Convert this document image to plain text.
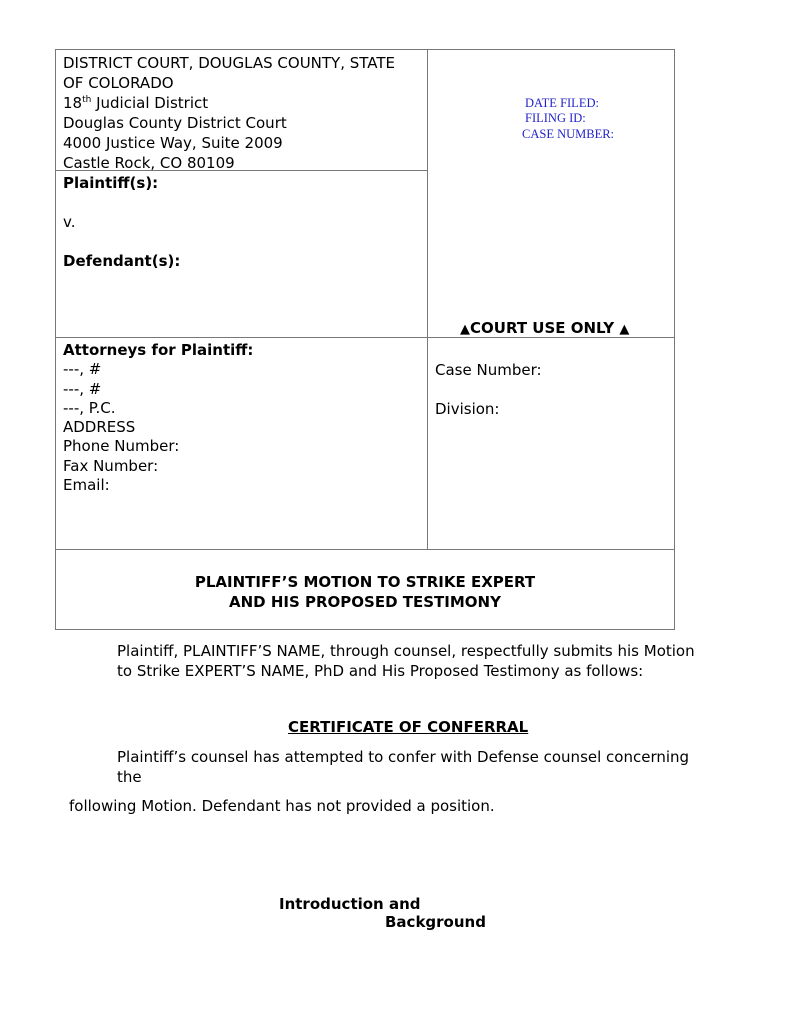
DISTRICT COURT, DOUGLAS COUNTY, STATE
OF COLORADO
18th Judicial District
Douglas County District Court
4000 Justice Way, Suite 2009
Castle Rock, CO 80109
Plaintiff(s):
v.
Defendant(s):
DATE FILED:
FILING ID:
CASE NUMBER:
▲COURT USE ONLY ▲
Attorneys for Plaintiff:
---, #
---, #
---, P.C.
ADDRESS
Phone Number:
Fax Number:
Email:
Case Number:
Division:
PLAINTIFF’S MOTION TO STRIKE EXPERT
AND HIS PROPOSED TESTIMONY
Plaintiff, PLAINTIFF’S NAME, through counsel, respectfully submits his Motion
to Strike EXPERT’S NAME, PhD and His Proposed Testimony as follows:
CERTIFICATE OF CONFERRAL
Plaintiff’s counsel has attempted to confer with Defense counsel concerning
the
following Motion. Defendant has not provided a position.
Introduction and
Background
